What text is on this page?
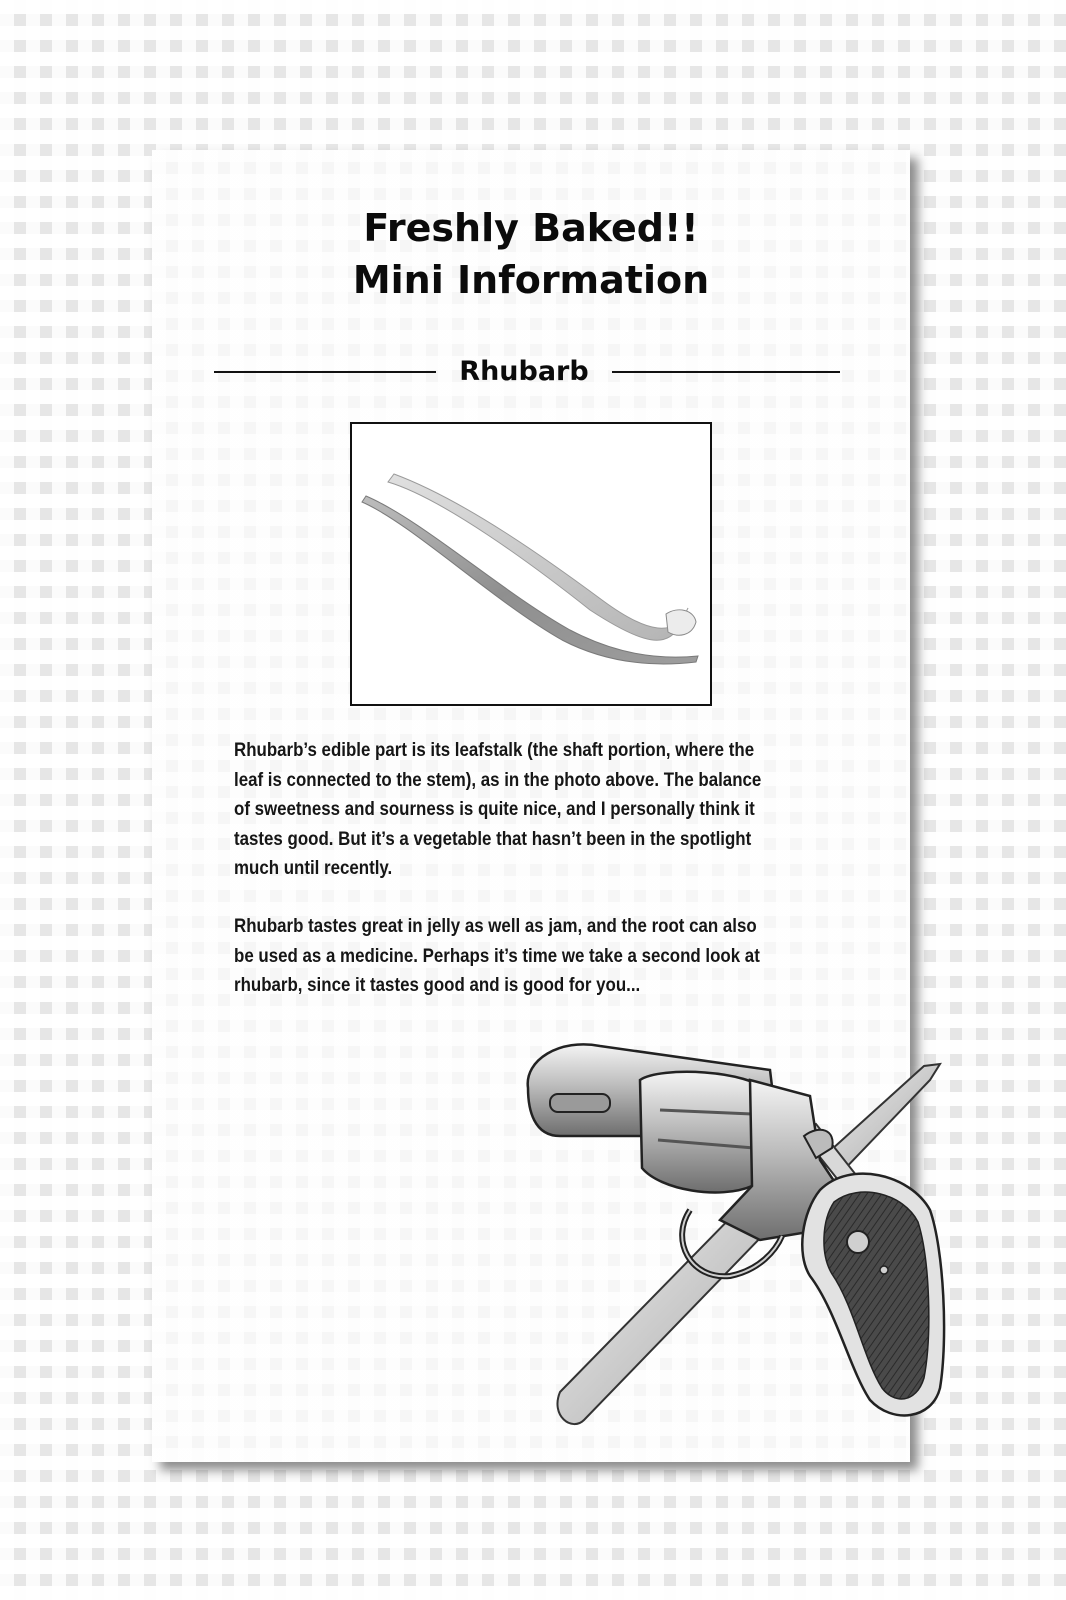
Freshly Baked!!
Mini Information
Rhubarb

Rhubarb’s edible part is its leafstalk (the shaft portion, where the leaf is connected to the stem), as in the photo above. The balance of sweetness and sourness is quite nice, and I personally think it tastes good. But it’s a vegetable that hasn’t been in the spotlight much until recently.

Rhubarb tastes great in jelly as well as jam, and the root can also be used as a medicine. Perhaps it’s time we take a second look at rhubarb, since it tastes good and is good for you...
